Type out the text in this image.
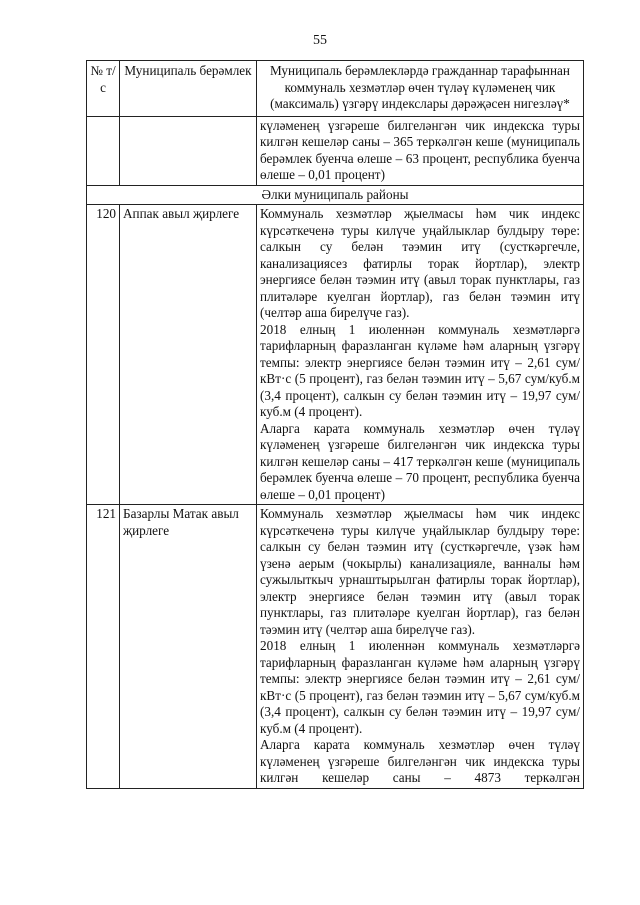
55
№ т/с	Муниципаль берәмлек	Муниципаль берәмлекләрдә гражданнар тарафыннан коммуналь хезмәтләр өчен түләү күләменең чик (максималь) үзгәрү индекслары дәрәҗәсен нигезләү*
		күләменең үзгәреше билгеләнгән чик индекска туры килгән кешеләр саны – 365 теркәлгән кеше (муниципаль берәмлек буенча өлеше – 63 процент, республика буенча өлеше – 0,01 процент)
Әлки муниципаль районы		
120	Аппак авыл җирлеге	Коммуналь хезмәтләр җыелмасы һәм чик индекс күрсәткеченә туры килүче уңайлыклар булдыру төре: салкын су белән тәэмин итү (сусткәргечле, канализациясез фатирлы торак йортлар), электр энергиясе белән тәэмин итү (авыл торак пунктлары, газ плитәләре куелган йортлар), газ белән тәэмин итү (челтәр аша бирелүче газ).

2018 елның 1 июленнән коммуналь хезмәтләргә тарифларның фаразланган күләме һәм аларның үзгәрү темпы: электр энергиясе белән тәэмин итү – 2,61 сум/кВт·с (5 процент), газ белән тәэмин итү – 5,67 сум/куб.м (3,4 процент), салкын су белән тәэмин итү – 19,97 сум/куб.м (4 процент).

Аларга карата коммуналь хезмәтләр өчен түләү күләменең үзгәреше билгеләнгән чик индекска туры килгән кешеләр саны – 417 теркәлгән кеше (муниципаль берәмлек буенча өлеше – 70 процент, республика буенча өлеше – 0,01 процент)

121	Базарлы Матак авыл җирлеге	Коммуналь хезмәтләр җыелмасы һәм чик индекс күрсәткеченә туры килүче уңайлыклар булдыру төре: салкын су белән тәэмин итү (сусткәргечле, үзәк һәм үзенә аерым (чокырлы) канализацияле, ванналы һәм сужылыткыч урнаштырылган фатирлы торак йортлар), электр энергиясе белән тәэмин итү (авыл торак пунктлары, газ плитәләре куелган йортлар), газ белән тәэмин итү (челтәр аша бирелүче газ).

2018 елның 1 июленнән коммуналь хезмәтләргә тарифларның фаразланган күләме һәм аларның үзгәрү темпы: электр энергиясе белән тәэмин итү – 2,61 сум/кВт·с (5 процент), газ белән тәэмин итү – 5,67 сум/куб.м (3,4 процент), салкын су белән тәэмин итү – 19,97 сум/куб.м (4 процент).

Аларга карата коммуналь хезмәтләр өчен түләү күләменең үзгәреше билгеләнгән чик индекска туры килгән кешеләр саны – 4873 теркәлгән
